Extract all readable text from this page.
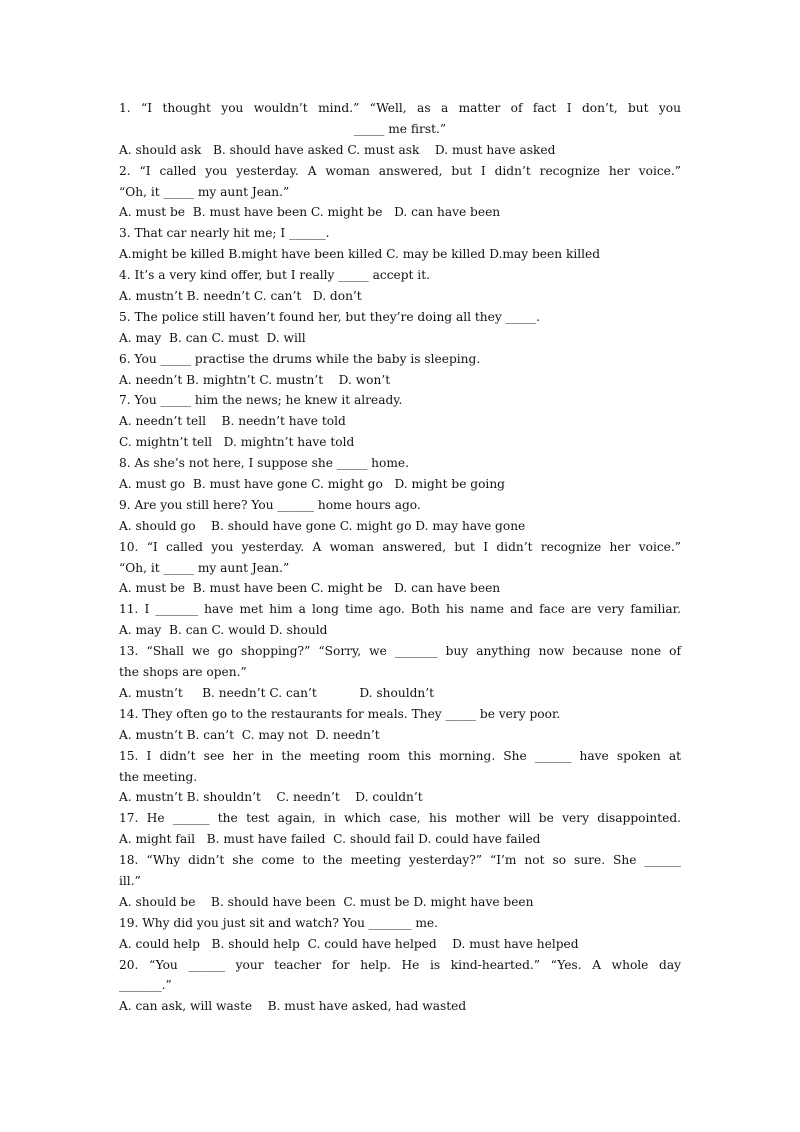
1. “I thought you wouldn’t mind.” “Well, as a matter of fact I don’t, but you
_____ me first.”
A. should ask   B. should have asked C. must ask    D. must have asked
2. “I called you yesterday. A woman answered, but I didn’t recognize her voice.”
“Oh, it _____ my aunt Jean.”
A. must be  B. must have been C. might be   D. can have been
3. That car nearly hit me; I ______.
A.might be killed B.might have been killed C. may be killed D.may been killed
4. It’s a very kind offer, but I really _____ accept it.
A. mustn’t B. needn’t C. can’t   D. don’t
5. The police still haven’t found her, but they’re doing all they _____.
A. may  B. can C. must  D. will
6. You _____ practise the drums while the baby is sleeping.
A. needn’t B. mightn’t C. mustn’t    D. won’t
7. You _____ him the news; he knew it already.
A. needn’t tell    B. needn’t have told
C. mightn’t tell   D. mightn’t have told
8. As she’s not here, I suppose she _____ home.
A. must go  B. must have gone C. might go   D. might be going
9. Are you still here? You ______ home hours ago.
A. should go    B. should have gone C. might go D. may have gone
10. “I called you yesterday. A woman answered, but I didn’t recognize her voice.”
“Oh, it _____ my aunt Jean.”
A. must be  B. must have been C. might be   D. can have been
11. I _______ have met him a long time ago. Both his name and face are very familiar.
A. may  B. can C. would D. should
13. “Shall we go shopping?” “Sorry, we _______ buy anything now because none of
the shops are open.”
A. mustn’t     B. needn’t C. can’t           D. shouldn’t
14. They often go to the restaurants for meals. They _____ be very poor.
A. mustn’t B. can’t  C. may not  D. needn’t
15. I didn’t see her in the meeting room this morning. She ______ have spoken at
the meeting.
A. mustn’t B. shouldn’t    C. needn’t    D. couldn’t
17. He ______ the test again, in which case, his mother will be very disappointed.
A. might fail   B. must have failed  C. should fail D. could have failed
18. “Why didn’t she come to the meeting yesterday?” “I’m not so sure. She ______
ill.”
A. should be    B. should have been  C. must be D. might have been
19. Why did you just sit and watch? You _______ me.
A. could help   B. should help  C. could have helped    D. must have helped
20. “You ______ your teacher for help. He is kind-hearted.” “Yes. A whole day
_______.”
A. can ask, will waste    B. must have asked, had wasted
